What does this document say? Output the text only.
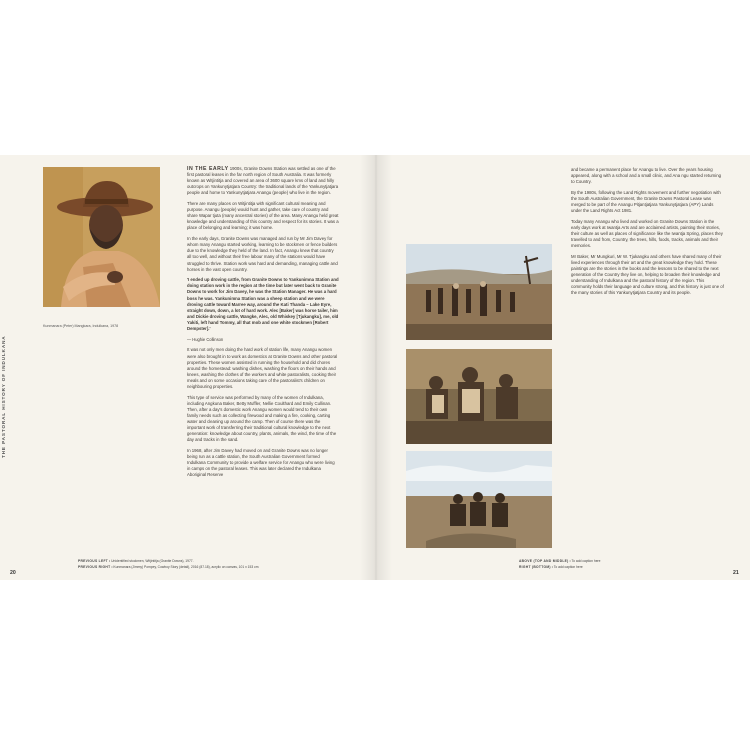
THE PASTORAL HISTORY OF INDULKANA
Kunmanara (Peter) Mangkara, Indulkana, 1978

IN THE EARLY 1900s, Granite Downs Station was settled as one of the first pastoral leases in the far north region of South Australia. It was formerly known as Witjintitja and covered an area of 3600 square kms of land and hilly outcrops on Yankunytjatjara Country: the traditional lands of the Yankunytjatjara people and home to Yankunytjatjara Anangu (people) who live in the region.

There are many places on Witjintitja with significant cultural meaning and purpose. Anangu (people) would hunt and gather, take care of country and share Wapar tjuta (many ancestral stories) of the area. Many Anangu held great knowledge and understanding of this country and respect for its stories. It was a place of belonging and learning; it was home.

In the early days, Granite Downs was managed and run by Mr Jim Davey for whom many Anangu started working, learning to be stockmen or fence builders due to the knowledge they held of the land. In fact, Anangu knew that country all too well, and without their free labour many of the stations would have struggled to thrive. Station work was hard and demanding, managing cattle and horses in the vast open country.

'I ended up droving cattle, from Granite Downs to Yankunimna Station and doing station work in the region at the time but later went back to Granite Downs to work for Jim Davey, he was the Station Manager. He was a hard boss he was. Yankunimna Station was a sheep station and we were droving cattle toward Marree way, around the Kati Thanda – Lake Eyre, straight down, down, a lot of hard work. Alec [Baker] was horse tailer, him and Dickie droving cattle, Wangke, Alec, old Whiskey [Tjukangku], me, old Yakiti, left hand Tommy, all that mob and one white stockmen [Robert Dempster].'

— Hughie Collinson

It was not only men doing the hard work of station life, many Anangu women were also brought in to work as domestics at Granite Downs and other pastoral properties. These women assisted in running the household and did chores around the homestead: washing dishes, washing the floors on their hands and knees, washing the clothes of the workers and white pastoralists, cooking their meals and on some occasions taking care of the pastoralist's children on neighbouring properties.

This type of service was performed by many of the women of Indulkana, including Angkuna Baker, Betty Muffler, Nellie Coulthard and Emily Cullinan. Then, after a day's domestic work Anangu women would tend to their own family needs such as collecting firewood and making a fire, cooking, carting water and cleaning up around the camp. Then of course there was the important work of transferring their traditional cultural knowledge to the next generation: knowledge about country, plants, animals, the wind, the time of the day and tracks in the sand.

In 1968, after Jim Davey had moved on and Granite Downs was no longer being run as a cattle station, the South Australian Government formed Indulkana Community to provide a welfare service for Anangu who were living in camps on the pastoral leases. This was later declared the Indulkana Aboriginal Reserve

PREVIOUS LEFT • Unidentified stockmen, Witjintitja (Granite Downs), 1977.
PREVIOUS RIGHT • Kunmanara (Jimmy) Pompey, Cowboy Story (detail), 2016 (87.18), acrylic on canvas, 101 x 153 cm
20

and became a permanent place for Anangu to live. Over the years housing appeared, along with a school and a small clinic, and Ana ngu started returning to Country.

By the 1980s, following the Land Rights movement and further negotiation with the South Australian Government, the Granite Downs Pastoral Lease was merged to be part of the Anangu Pitjantjatjara Yankunytjatjara (APY) Lands under the Land Rights Act 1981.

Today many Anangu who lived and worked on Granite Downs Station in the early days work at Iwantja Arts and are acclaimed artists, painting their stories, their culture as well as places of significance like the Iwantja Spring, places they travelled to and from, Country, the trees, hills, foods, tracks, animals and their memories.

Mr Baker, Mr Mungkuri, Mr W. Tjukangku and others have shared many of their lived experiences through their art and the great knowledge they hold. These paintings are the stories in the books and the lessons to be shared to the next generation of the Country they live on, helping to broaden their knowledge and understanding of Indulkana and the pastoral history of the region. This community holds their language and culture strong, and this history is just one of the many stories of this Yankunytjatjara Country and its people.

ABOVE (TOP AND MIDDLE) • To add caption here
RIGHT (BOTTOM) • To add caption here
21
